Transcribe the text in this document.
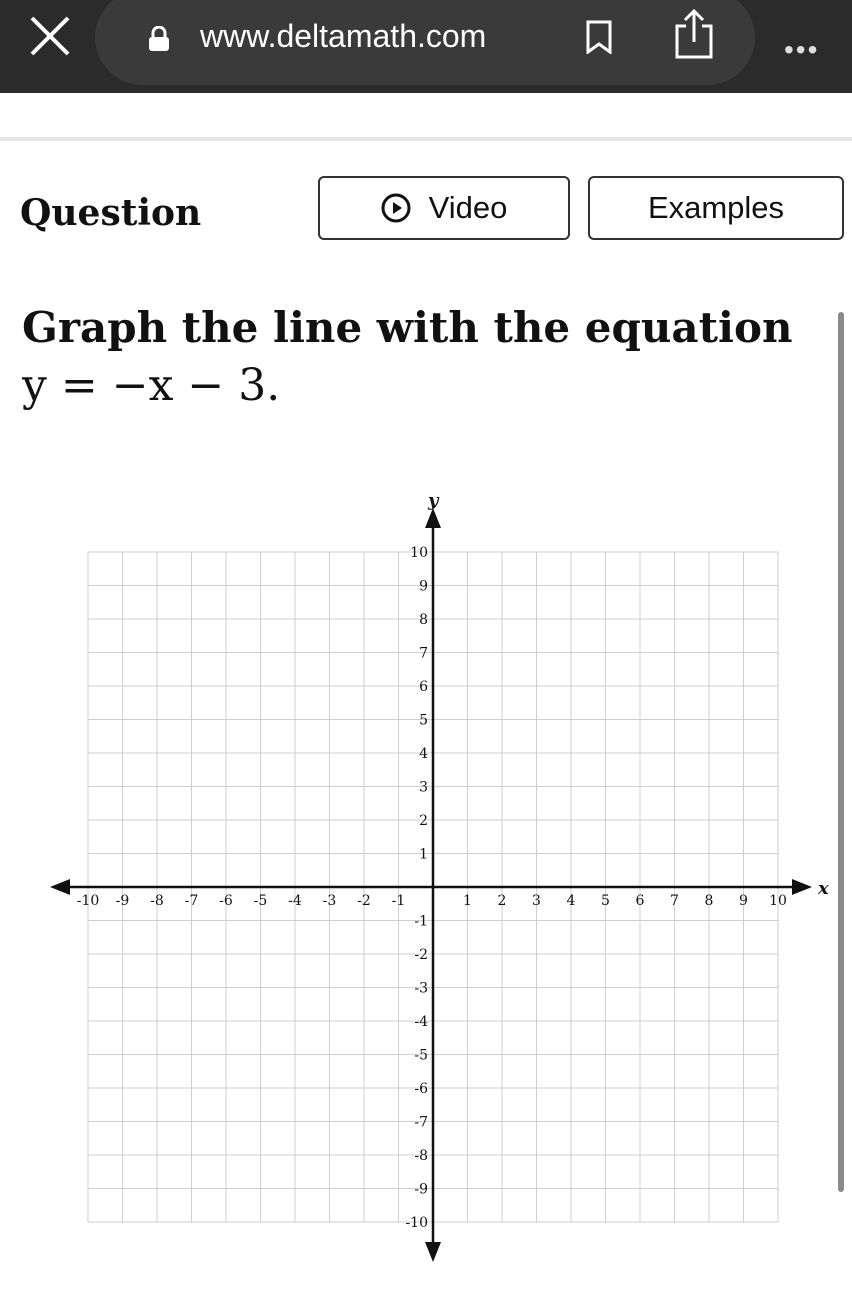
www.deltamath.com	•••
Question	Video	Examples
Graph the line with the equation
y = −x − 3.
-10 -9 -8 -7 -6 -5 -4 -3 -2 -1	1 2 3 4 5 6 7 8 9 10
10
9
8
7
6
5
4
3
2
1
-1
-2
-3
-4
-5
-6
-7
-8
-9
-10
x
y
